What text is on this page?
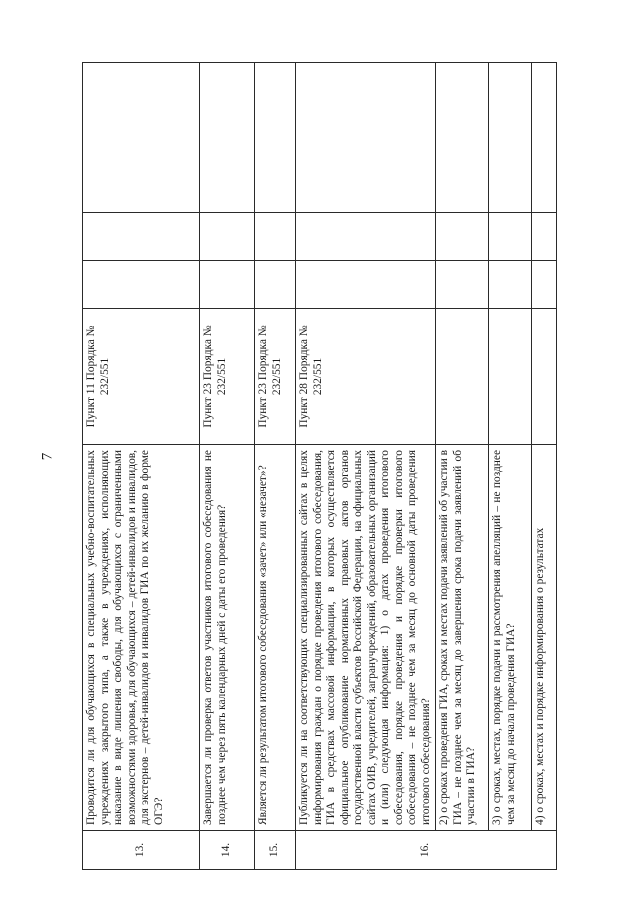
7
13.	Проводится ли для обучающихся в специальных учебно-воспитательных учреждениях закрытого типа, а также в учреждениях, исполняющих наказание в виде лишения свободы, для обучающихся с ограниченными возможностями здоровья, для обучающихся – детей-инвалидов и инвалидов, для экстернов – детей-инвалидов и инвалидов ГИА по их желанию в форме ОГЭ?	Пункт 11 Порядка № 232/551			
14.	Завершается ли проверка ответов участников итогового собеседования не позднее чем через пять календарных дней с даты его проведения?	Пункт 23 Порядка № 232/551			
15.	Является ли результатом итогового собеседования «зачет» или «незачет»?	Пункт 23 Порядка № 232/551			
16.	Публикуется ли на соответствующих специализированных сайтах в целях информирования граждан о порядке проведения итогового собеседования, ГИА в средствах массовой информации, в которых осуществляется официальное опубликование нормативных правовых актов органов государственной власти субъектов Российской Федерации, на официальных сайтах ОИВ, учредителей, загранучреждений, образовательных организаций и (или) следующая информация: 1) о датах проведения итогового собеседования, порядке проведения и порядке проверки итогового собеседования – не позднее чем за месяц до основной даты проведения итогового собеседования?	Пункт 28 Порядка № 232/551			
	2) о сроках проведения ГИА, сроках и местах подачи заявлений об участии в ГИА – не позднее чем за месяц до завершения срока подачи заявлений об участии в ГИА?				
	3) о сроках, местах, порядке подачи и рассмотрения апелляций – не позднее чем за месяц до начала проведения ГИА?				
	4) о сроках, местах и порядке информирования о результатах				
